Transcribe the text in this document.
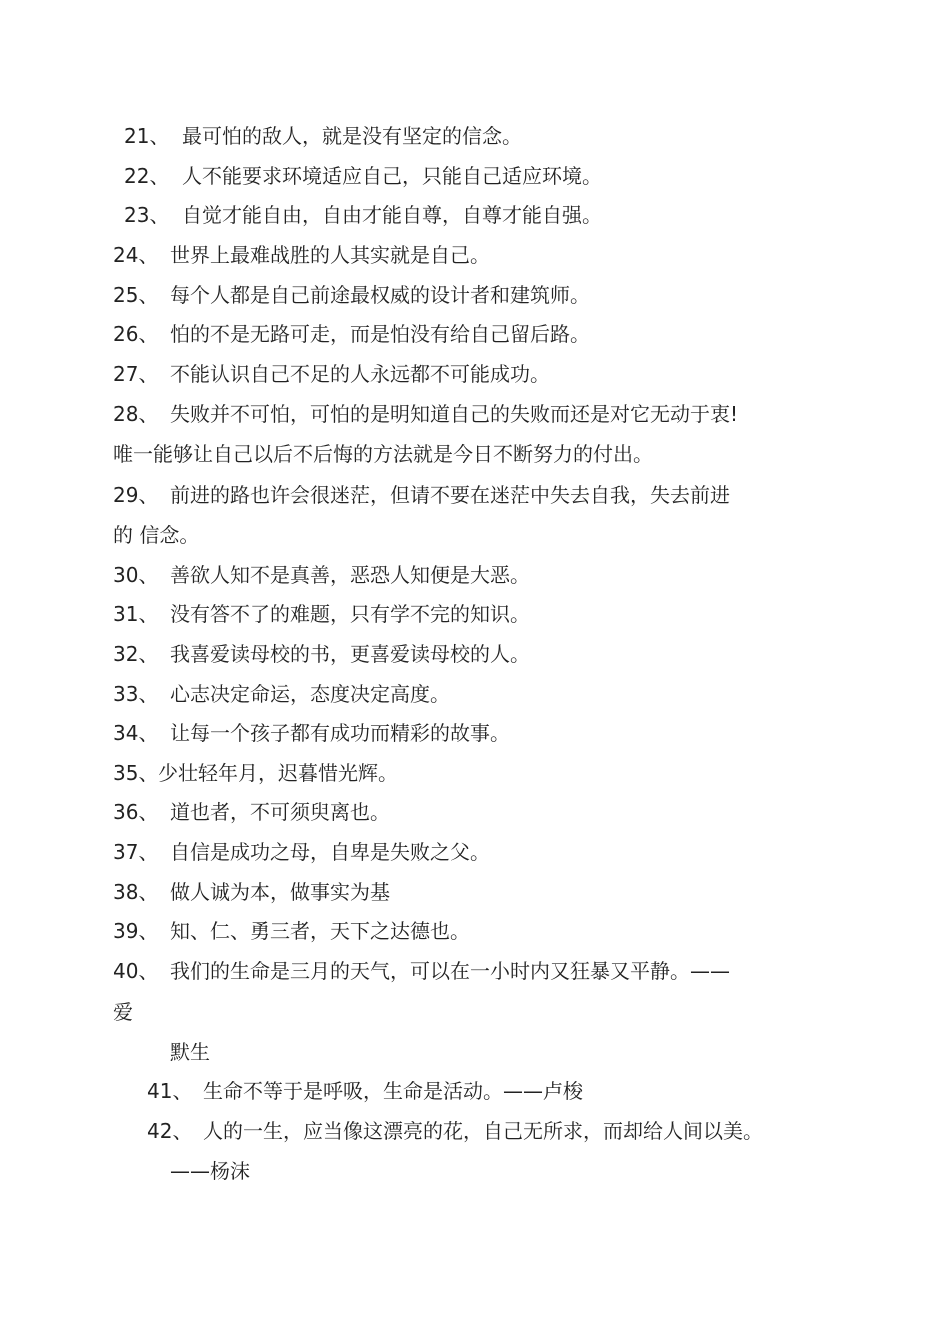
21、 最可怕的敌人，就是没有坚定的信念。
22、 人不能要求环境适应自己，只能自己适应环境。
23、 自觉才能自由，自由才能自尊，自尊才能自强。
24、 世界上最难战胜的人其实就是自己。
25、 每个人都是自己前途最权威的设计者和建筑师。
26、 怕的不是无路可走，而是怕没有给自己留后路。
27、 不能认识自己不足的人永远都不可能成功。
28、 失败并不可怕，可怕的是明知道自己的失败而还是对它无动于衷!
唯一能够让自己以后不后悔的方法就是今日不断努力的付出。
29、 前进的路也许会很迷茫，但请不要在迷茫中失去自我，失去前进
的 信念。
30、 善欲人知不是真善，恶恐人知便是大恶。
31、 没有答不了的难题，只有学不完的知识。
32、 我喜爱读母校的书，更喜爱读母校的人。
33、 心志决定命运，态度决定高度。
34、 让每一个孩子都有成功而精彩的故事。
35、少壮轻年月，迟暮惜光辉。
36、 道也者，不可须臾离也。
37、 自信是成功之母，自卑是失败之父。
38、 做人诚为本，做事实为基
39、 知、仁、勇三者，天下之达德也。
40、 我们的生命是三月的天气，可以在一小时内又狂暴又平静。——
爱
默生
41、 生命不等于是呼吸，生命是活动。——卢梭
42、 人的一生，应当像这漂亮的花，自己无所求，而却给人间以美。
——杨沫
